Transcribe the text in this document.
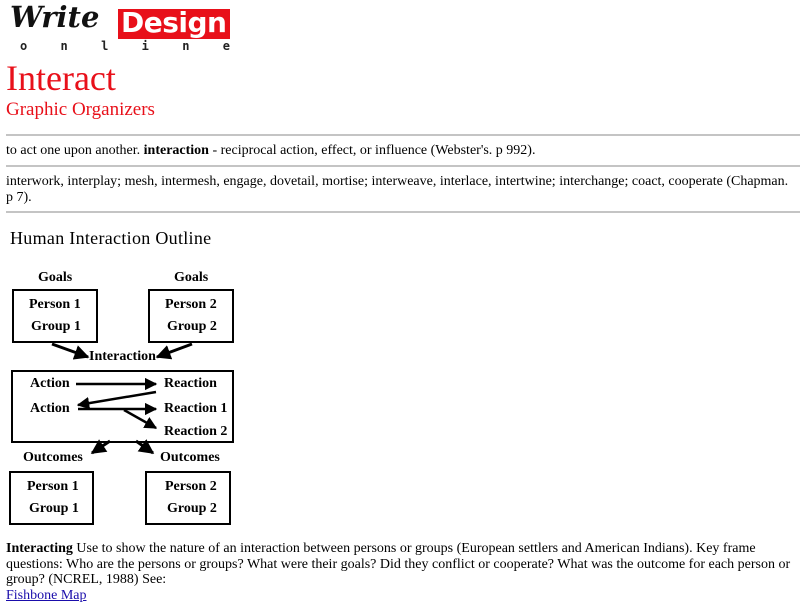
Write Design
o	n	l	i	n	e
Interact
Graphic Organizers

to act one upon another. interaction - reciprocal action, effect, or influence (Webster's. p 992).

interwork, interplay; mesh, intermesh, engage, dovetail, mortise; interweave, interlace, intertwine; interchange; coact, cooperate (Chapman. p 7).

Human Interaction Outline
Goals	Goals
Person 1
Group 1
Person 2
Group 2
Interaction
Action	Reaction
Action	Reaction 1
Reaction 2
Outcomes	Outcomes
Person 1
Group 1
Person 2
Group 2

Interacting Use to show the nature of an interaction between persons or groups (European settlers and American Indians). Key frame questions: Who are the persons or groups? What were their goals? Did they conflict or cooperate? What was the outcome for each person or group? (NCREL, 1988) See:
Fishbone Map
